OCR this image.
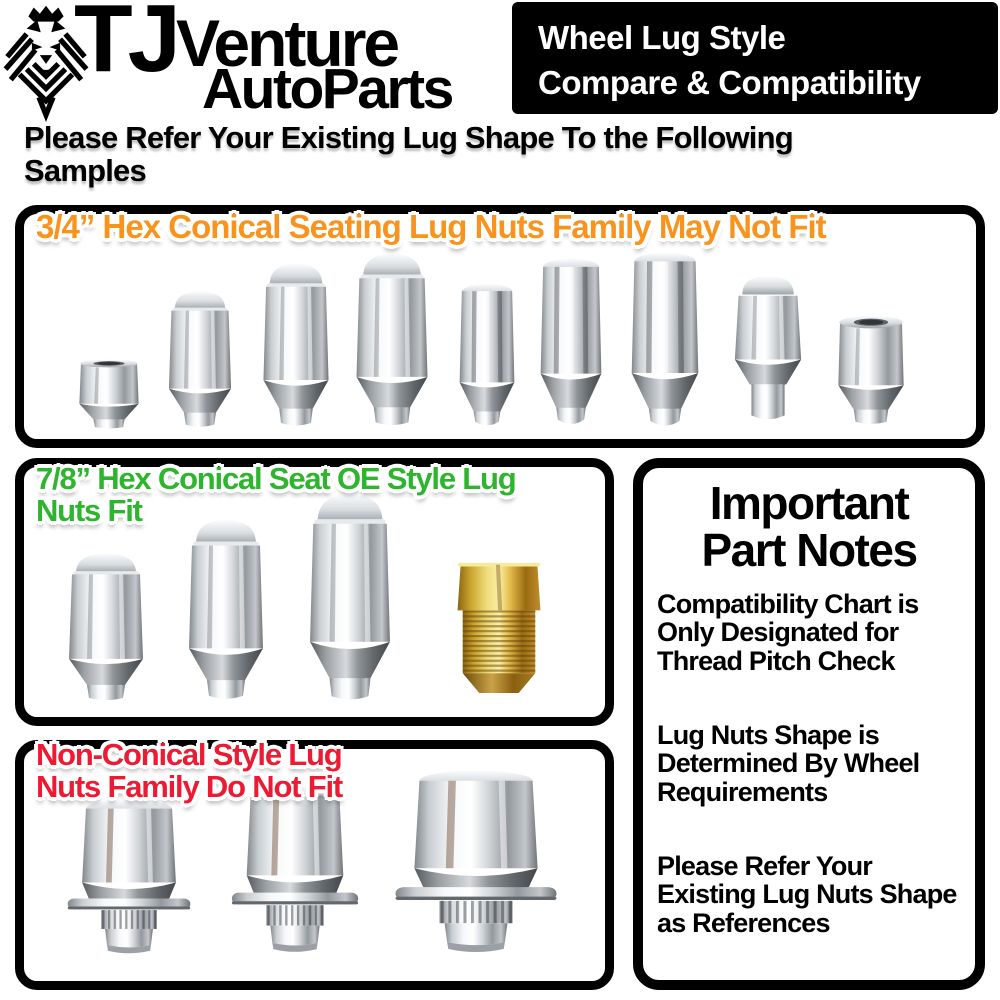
TJ Venture
AutoParts
Wheel Lug Style
Compare & Compatibility
Please Refer Your Existing Lug Shape To the Following
Samples
3/4” Hex Conical Seating Lug Nuts Family May Not Fit
7/8” Hex Conical Seat OE Style Lug
Nuts Fit	Important
Part Notes

Compatibility Chart is Only Designated for Thread Pitch Check

Lug Nuts Shape is Determined By Wheel Requirements

Please Refer Your Existing Lug Nuts Shape as References

Non-Conical Style Lug
Nuts Family Do Not Fit
